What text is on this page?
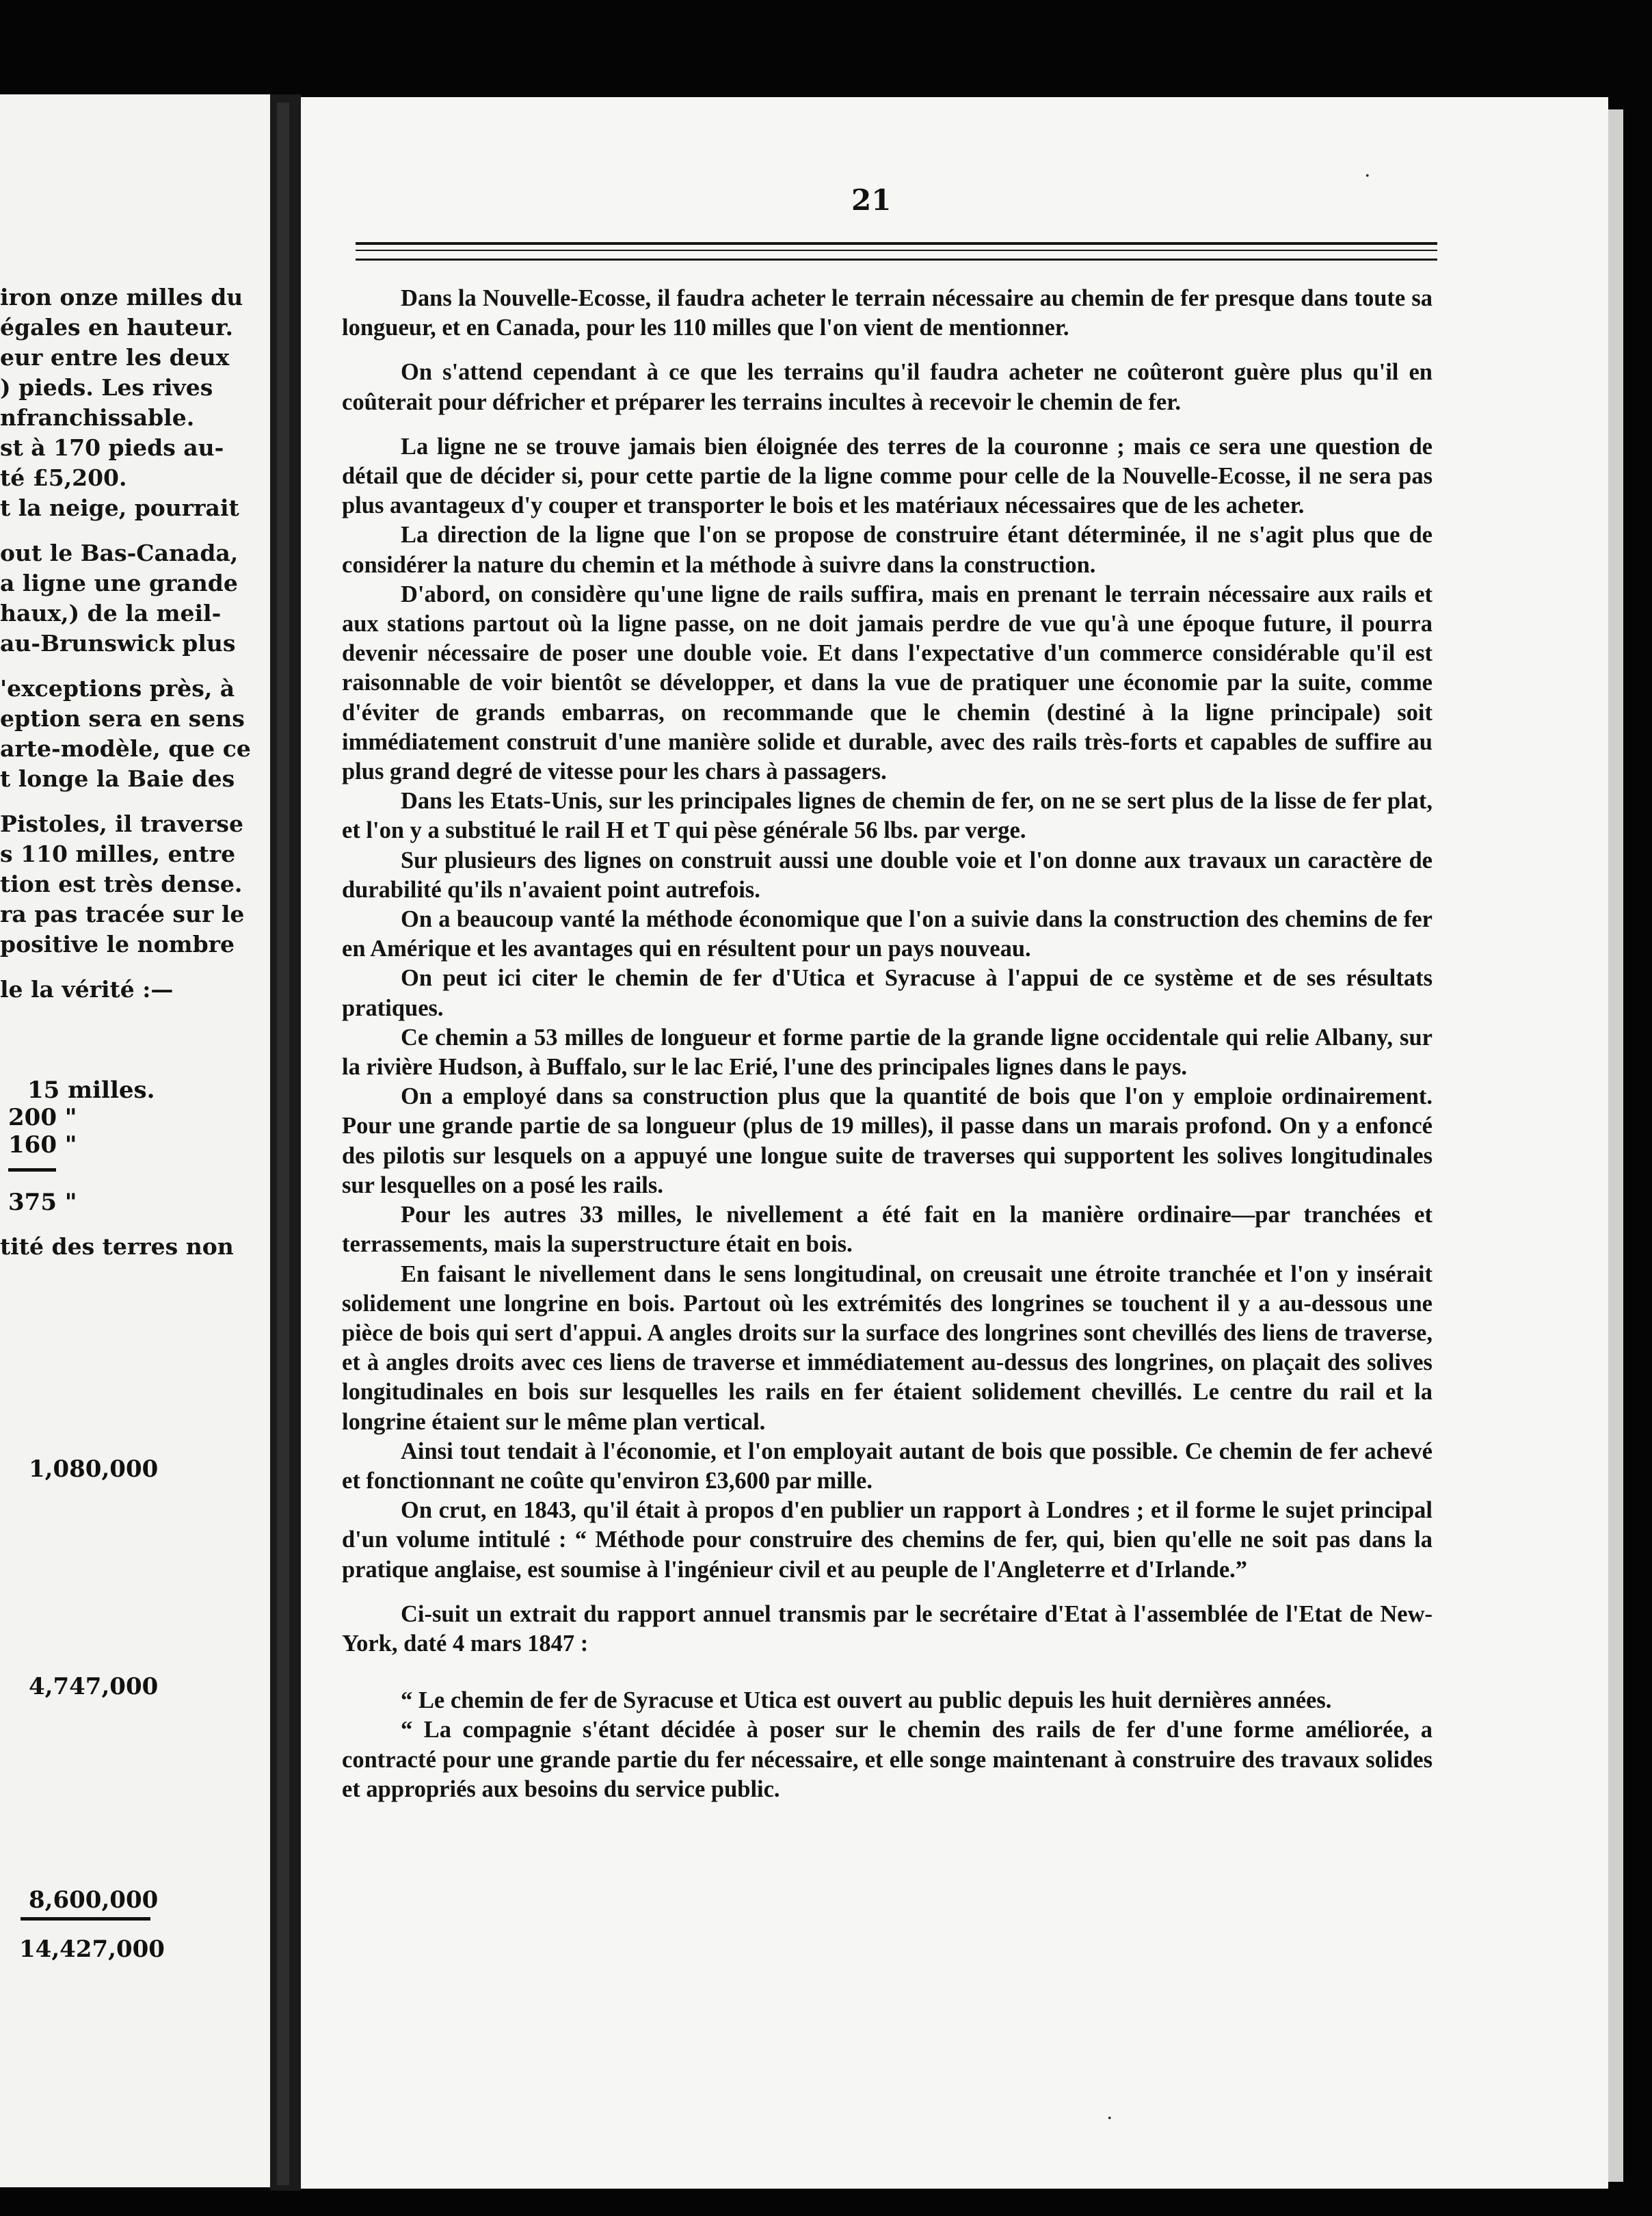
iron onze milles du
égales en hauteur.
eur entre les deux
) pieds. Les rives
nfranchissable.
st à 170 pieds au-
té £5,200.
t la neige, pourrait
out le Bas-Canada,
a ligne une grande
haux,) de la meil-
au-Brunswick plus
'exceptions près, à
eption sera en sens
arte-modèle, que ce
t longe la Baie des
Pistoles, il traverse
s 110 milles, entre
tion est très dense.
ra pas tracée sur le
positive le nombre
le la vérité :—
15 milles.
200 "
160 "
375 "
tité des terres non
1,080,000
4,747,000
8,600,000
14,427,000
21

Dans la Nouvelle-Ecosse, il faudra acheter le terrain nécessaire au chemin de fer presque dans toute sa longueur, et en Canada, pour les 110 milles que l'on vient de mentionner.

On s'attend cependant à ce que les terrains qu'il faudra acheter ne coûteront guère plus qu'il en coûterait pour défricher et préparer les terrains incultes à recevoir le chemin de fer.

La ligne ne se trouve jamais bien éloignée des terres de la couronne ; mais ce sera une question de détail que de décider si, pour cette partie de la ligne comme pour celle de la Nouvelle-Ecosse, il ne sera pas plus avantageux d'y couper et transporter le bois et les matériaux nécessaires que de les acheter.

La direction de la ligne que l'on se propose de construire étant déterminée, il ne s'agit plus que de considérer la nature du chemin et la méthode à suivre dans la construction.

D'abord, on considère qu'une ligne de rails suffira, mais en prenant le terrain nécessaire aux rails et aux stations partout où la ligne passe, on ne doit jamais perdre de vue qu'à une époque future, il pourra devenir nécessaire de poser une double voie. Et dans l'expectative d'un commerce considérable qu'il est raisonnable de voir bientôt se développer, et dans la vue de pratiquer une économie par la suite, comme d'éviter de grands embarras, on recommande que le chemin (destiné à la ligne principale) soit immédiatement construit d'une manière solide et durable, avec des rails très-forts et capables de suffire au plus grand degré de vitesse pour les chars à passagers.

Dans les Etats-Unis, sur les principales lignes de chemin de fer, on ne se sert plus de la lisse de fer plat, et l'on y a substitué le rail H et T qui pèse générale 56 lbs. par verge.

Sur plusieurs des lignes on construit aussi une double voie et l'on donne aux travaux un caractère de durabilité qu'ils n'avaient point autrefois.

On a beaucoup vanté la méthode économique que l'on a suivie dans la construction des chemins de fer en Amérique et les avantages qui en résultent pour un pays nouveau.

On peut ici citer le chemin de fer d'Utica et Syracuse à l'appui de ce système et de ses résultats pratiques.

Ce chemin a 53 milles de longueur et forme partie de la grande ligne occidentale qui relie Albany, sur la rivière Hudson, à Buffalo, sur le lac Erié, l'une des principales lignes dans le pays.

On a employé dans sa construction plus que la quantité de bois que l'on y emploie ordinairement. Pour une grande partie de sa longueur (plus de 19 milles), il passe dans un marais profond. On y a enfoncé des pilotis sur lesquels on a appuyé une longue suite de traverses qui supportent les solives longitudinales sur lesquelles on a posé les rails.

Pour les autres 33 milles, le nivellement a été fait en la manière ordinaire—par tranchées et terrassements, mais la superstructure était en bois.

En faisant le nivellement dans le sens longitudinal, on creusait une étroite tranchée et l'on y insérait solidement une longrine en bois. Partout où les extrémités des longrines se touchent il y a au-dessous une pièce de bois qui sert d'appui. A angles droits sur la surface des longrines sont chevillés des liens de traverse, et à angles droits avec ces liens de traverse et immédiatement au-dessus des longrines, on plaçait des solives longitudinales en bois sur lesquelles les rails en fer étaient solidement chevillés. Le centre du rail et la longrine étaient sur le même plan vertical.

Ainsi tout tendait à l'économie, et l'on employait autant de bois que possible. Ce chemin de fer achevé et fonctionnant ne coûte qu'environ £3,600 par mille.

On crut, en 1843, qu'il était à propos d'en publier un rapport à Londres ; et il forme le sujet principal d'un volume intitulé : “ Méthode pour construire des chemins de fer, qui, bien qu'elle ne soit pas dans la pratique anglaise, est soumise à l'ingénieur civil et au peuple de l'Angleterre et d'Irlande.”

Ci-suit un extrait du rapport annuel transmis par le secrétaire d'Etat à l'assemblée de l'Etat de New-York, daté 4 mars 1847 :

“ Le chemin de fer de Syracuse et Utica est ouvert au public depuis les huit dernières années.

“ La compagnie s'étant décidée à poser sur le chemin des rails de fer d'une forme améliorée, a contracté pour une grande partie du fer nécessaire, et elle songe maintenant à construire des travaux solides et appropriés aux besoins du service public.

·
·
